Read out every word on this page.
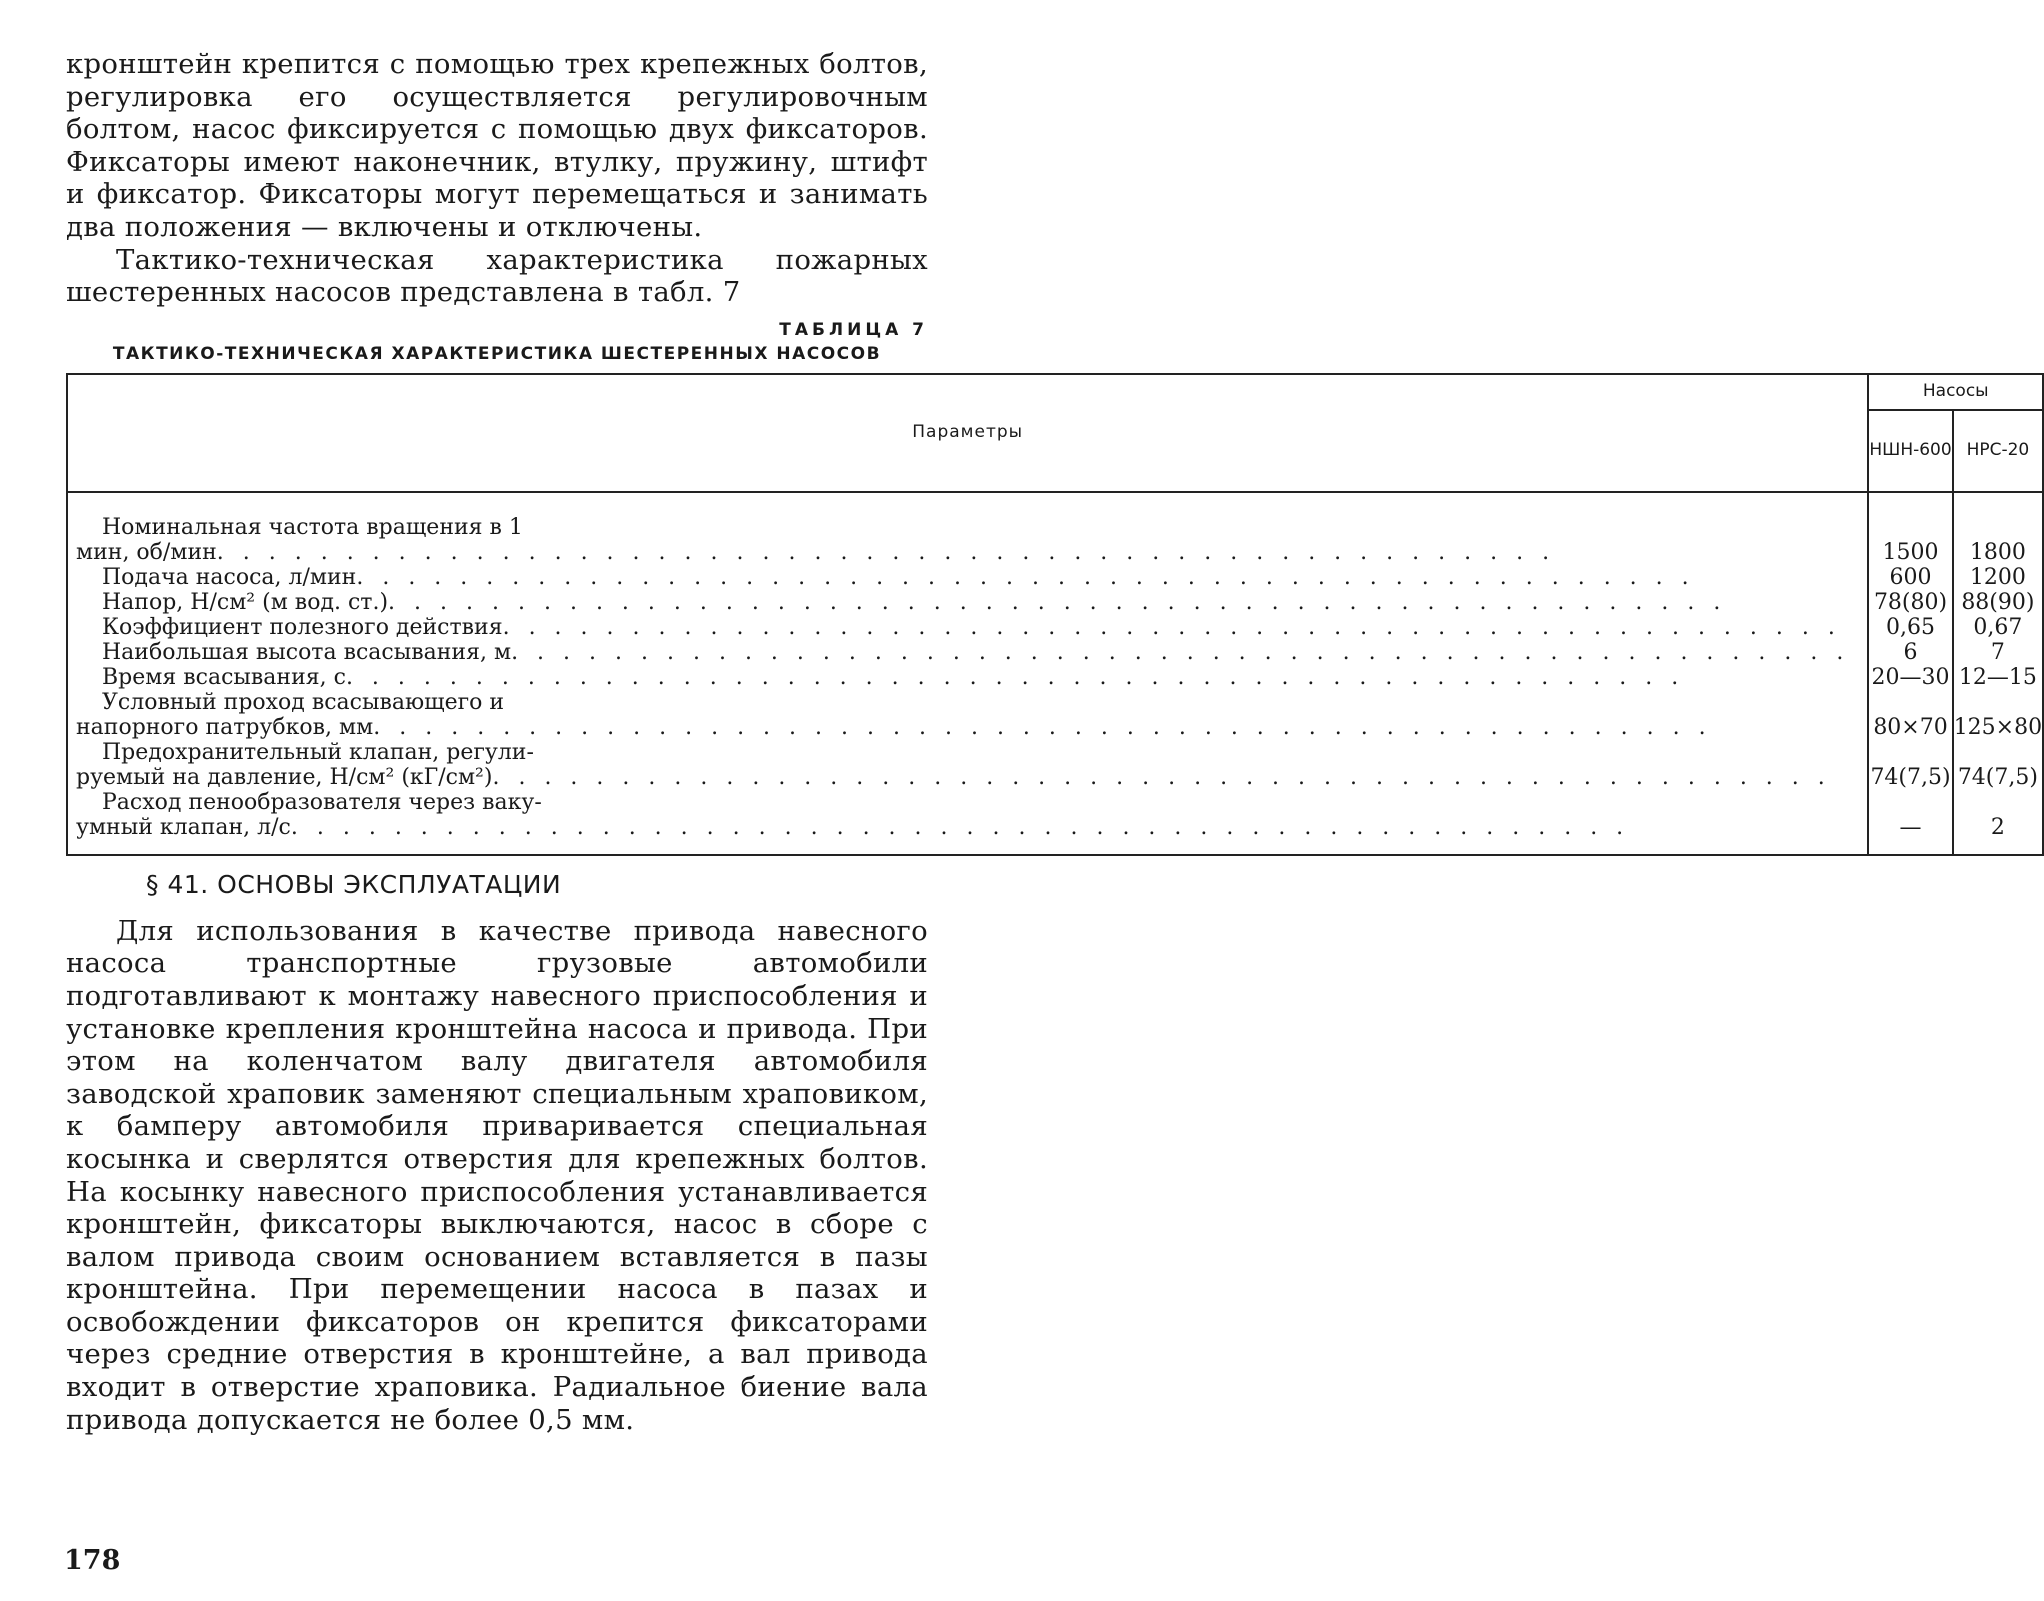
кронштейн крепится с помощью трех крепежных болтов, регулировка его осуществляется регулировочным болтом, насос фиксируется с помощью двух фиксаторов. Фиксаторы имеют наконечник, втулку, пружину, штифт и фиксатор. Фиксаторы могут перемещаться и занимать два положения — включены и отключены.

Тактико-техническая характеристика пожарных шестеренных насосов представлена в табл. 7

ТАБЛИЦА 7
ТАКТИКО-ТЕХНИЧЕСКАЯ ХАРАКТЕРИСТИКА ШЕСТЕРЕННЫХ НАСОСОВ
Параметры	Насосы	
	НШН-600	НРС-20

Номинальная частота вращения в 1
мин, об/мин
. . .	1500	1800

Подача насоса, л/мин
. . .	600	1200

Напор, Н/см² (м вод. ст.)
. . .	78(80)	88(90)

Коэффициент полезного действия
. . .	0,65	0,67

Наибольшая высота всасывания, м
. . .	6	7

Время всасывания, с
. . .	20—30	12—15

Условный проход всасывающего и
напорного патрубков, мм
. . .	80×70	125×80

Предохранительный клапан, регули-
руемый на давление, Н/см² (кГ/см²)
. . .	74(7,5)	74(7,5)

Расход пенообразователя через ваку-
умный клапан, л/с
. . .	—	2

§ 41. ОСНОВЫ ЭКСПЛУАТАЦИИ

Для использования в качестве привода навесного насоса транспортные грузовые автомобили подготавливают к монтажу навесного приспособления и установке крепления кронштейна насоса и привода. При этом на коленчатом валу двигателя автомобиля заводской храповик заменяют специальным храповиком, к бамперу автомобиля приваривается специальная косынка и сверлятся отверстия для крепежных болтов. На косынку навесного приспособления устанавливается кронштейн, фиксаторы выключаются, насос в сборе с валом привода своим основанием вставляется в пазы кронштейна. При перемещении насоса в пазах и освобождении фиксаторов он крепится фиксаторами через средние отверстия в кронштейне, а вал привода входит в отверстие храповика. Радиальное биение вала привода допускается не более 0,5 мм.

178
